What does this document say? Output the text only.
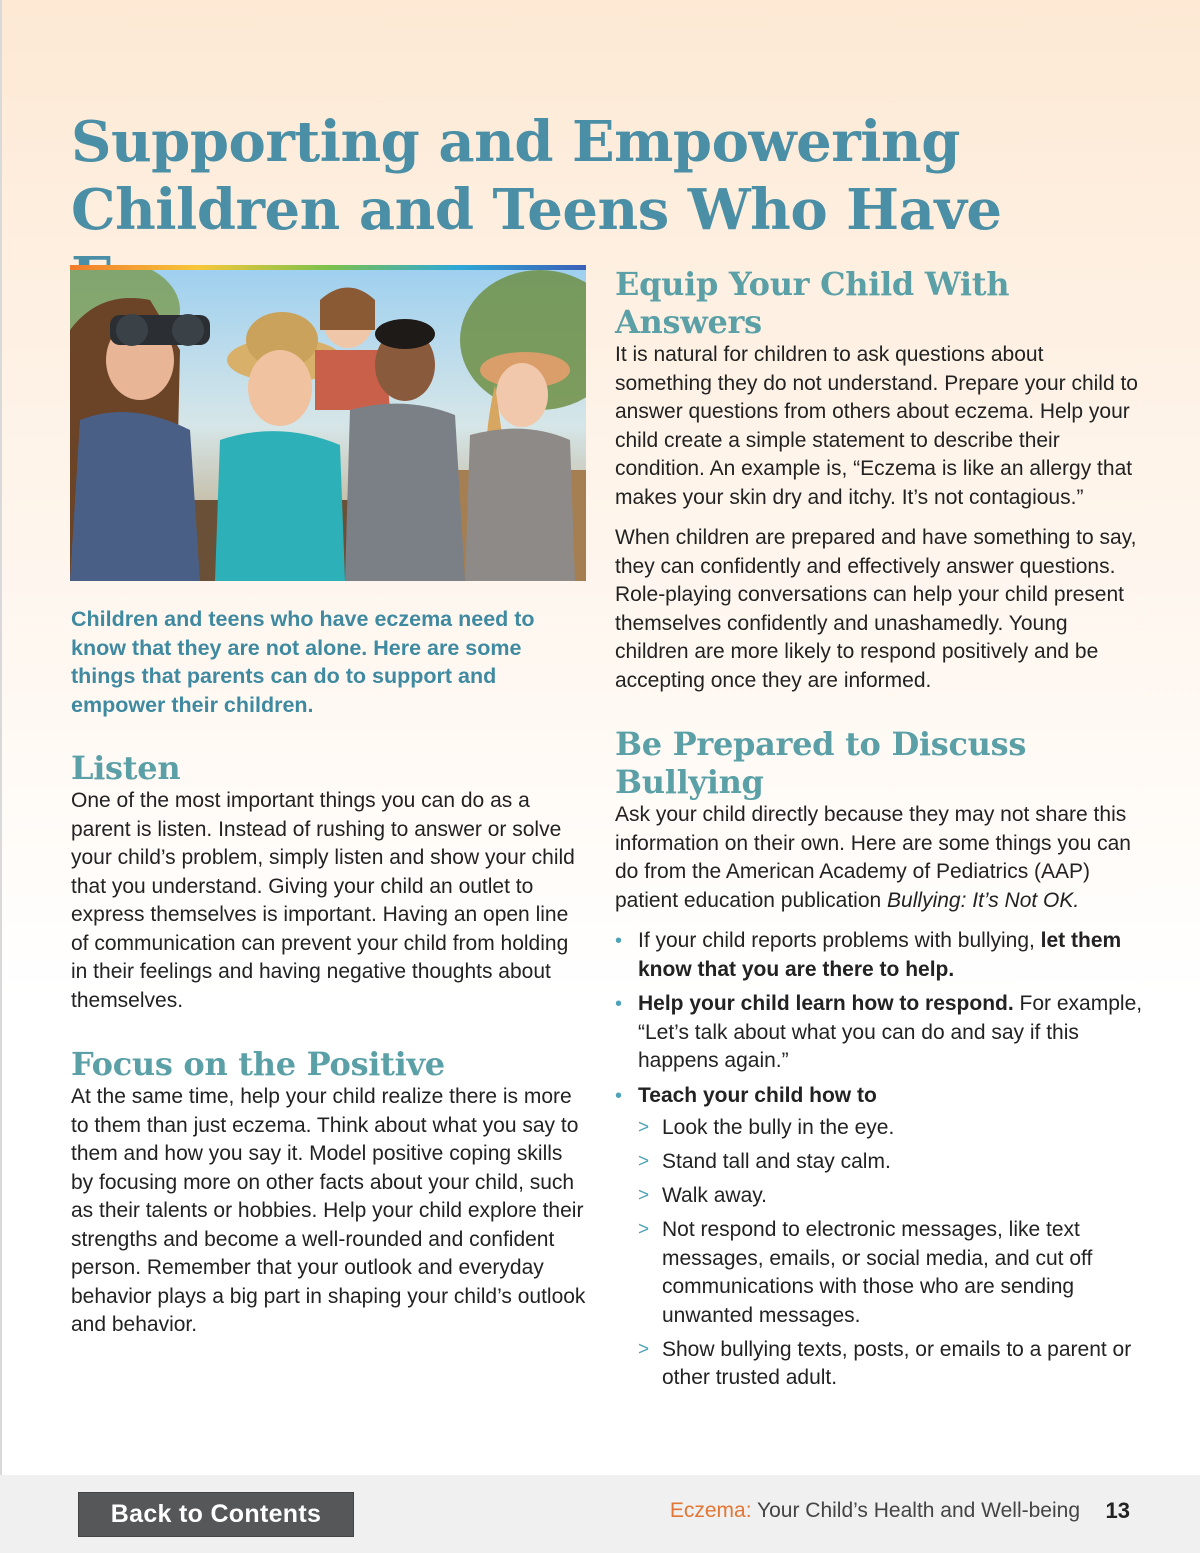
Supporting and Empowering
Children and Teens Who Have

Children and teens who have eczema need to know that they are not alone. Here are some things that parents can do to support and empower their children.

Listen

One of the most important things you can do as a parent is listen. Instead of rushing to answer or solve your child’s problem, simply listen and show your child that you understand. Giving your child an outlet to express themselves is important. Having an open line of communication can prevent your child from holding in their feelings and having negative thoughts about themselves.

Focus on the Positive

At the same time, help your child realize there is more to them than just eczema. Think about what you say to them and how you say it. Model positive coping skills by focusing more on other facts about your child, such as their talents or hobbies. Help your child explore their strengths and become a well-rounded and confident person. Remember that your outlook and everyday behavior plays a big part in shaping your child’s outlook and behavior.

Equip Your Child With Answers

It is natural for children to ask questions about something they do not understand. Prepare your child to answer questions from others about eczema. Help your child create a simple statement to describe their condition. An example is, “Eczema is like an allergy that makes your skin dry and itchy. It’s not contagious.”

When children are prepared and have something to say, they can confidently and effectively answer questions. Role-playing conversations can help your child present themselves confidently and unashamedly. Young children are more likely to respond positively and be accepting once they are informed.

Be Prepared to Discuss Bullying

Ask your child directly because they may not share this information on their own. Here are some things you can do from the American Academy of Pediatrics (AAP) patient education publication Bullying: It’s Not OK.

• If your child reports problems with bullying, let them know that you are there to help.
• Help your child learn how to respond. For example, “Let’s talk about what you can do and say if this happens again.”
• Teach your child how to
> Look the bully in the eye.
> Stand tall and stay calm.
> Walk away.
> Not respond to electronic messages, like text messages, emails, or social media, and cut off communications with those who are sending unwanted messages.
> Show bullying texts, posts, or emails to a parent or other trusted adult.
Back to Contents	Eczema: Your Child’s Health and Well-being 13
